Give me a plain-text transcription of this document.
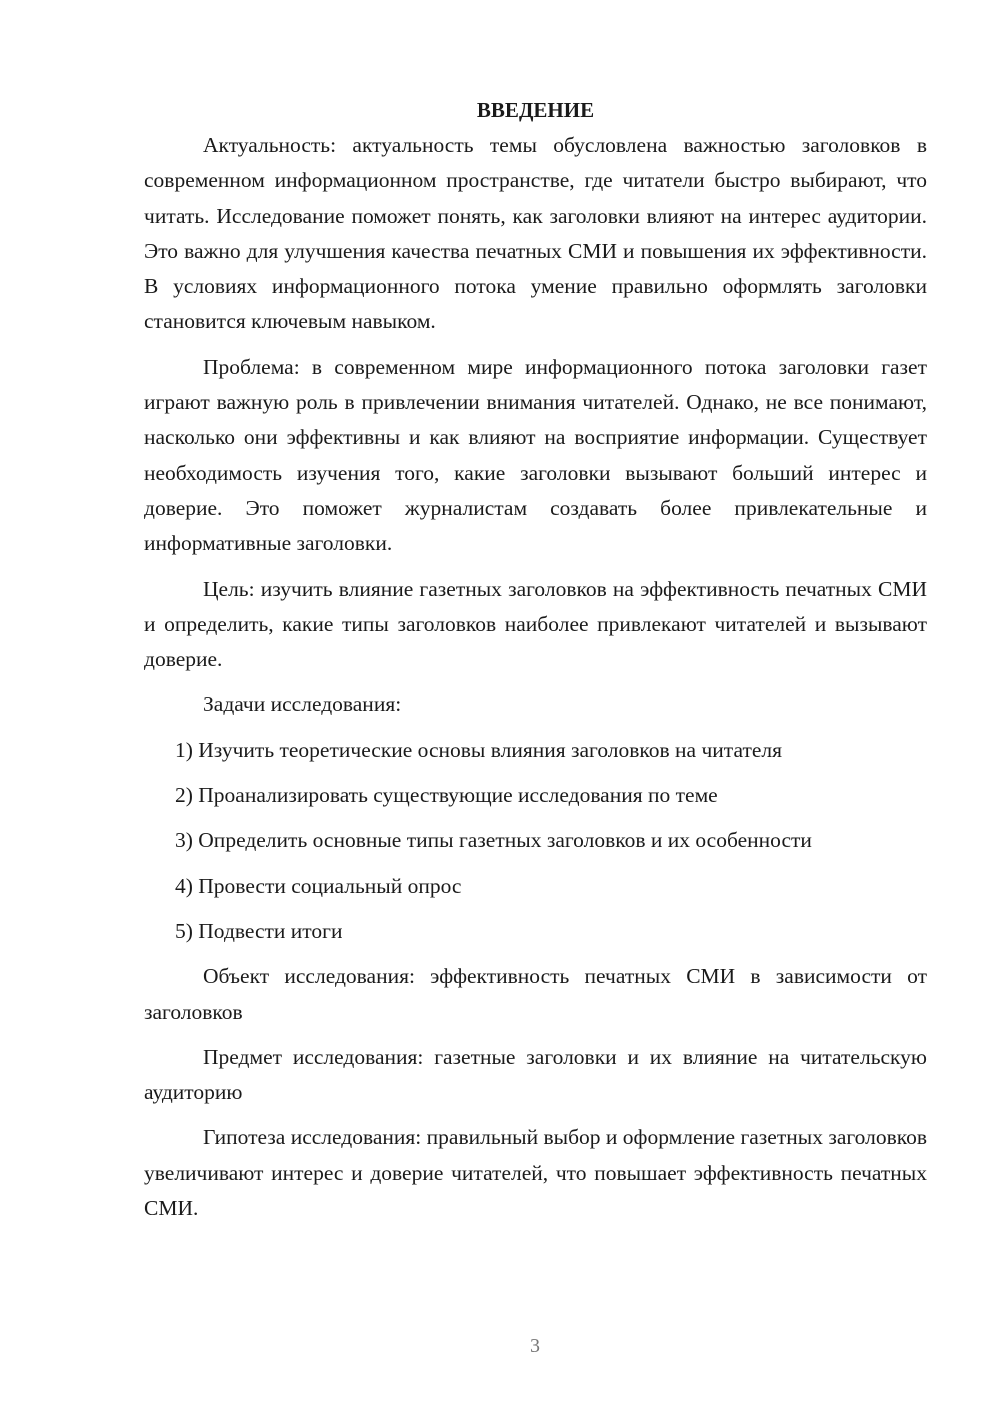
ВВЕДЕНИЕ

Актуальность: актуальность темы обусловлена важностью заголовков в современном информационном пространстве, где читатели быстро выбирают, что читать. Исследование поможет понять, как заголовки влияют на интерес аудитории. Это важно для улучшения качества печатных СМИ и повышения их эффективности. В условиях информационного потока умение правильно оформлять заголовки становится ключевым навыком.

Проблема: в современном мире информационного потока заголовки газет играют важную роль в привлечении внимания читателей. Однако, не все понимают, насколько они эффективны и как влияют на восприятие информации. Существует необходимость изучения того, какие заголовки вызывают больший интерес и доверие. Это поможет журналистам создавать более привлекательные и информативные заголовки.

Цель: изучить влияние газетных заголовков на эффективность печатных СМИ и определить, какие типы заголовков наиболее привлекают читателей и вызывают доверие.

Задачи исследования:

1) Изучить теоретические основы влияния заголовков на читателя
2) Проанализировать существующие исследования по теме
3) Определить основные типы газетных заголовков и их особенности
4) Провести социальный опрос
5) Подвести итоги

Объект исследования: эффективность печатных СМИ в зависимости от заголовков

Предмет исследования: газетные заголовки и их влияние на читательскую аудиторию

Гипотеза исследования: правильный выбор и оформление газетных заголовков увеличивают интерес и доверие читателей, что повышает эффективность печатных СМИ.

3
